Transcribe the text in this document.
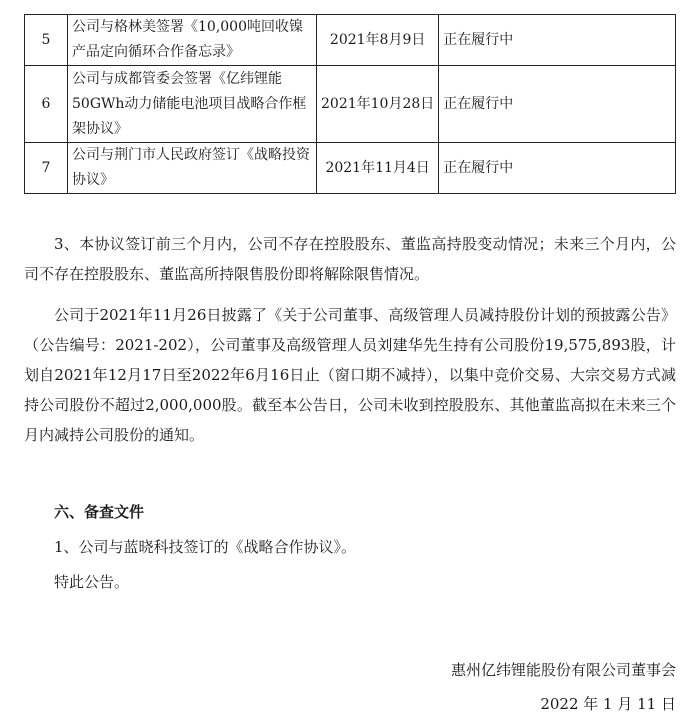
5	公司与格林美签署《10,000吨回收镍产品定向循环合作备忘录》	2021年8月9日	正在履行中
6	公司与成都管委会签署《亿纬锂能50GWh动力储能电池项目战略合作框架协议》	2021年10月28日	正在履行中
7	公司与荆门市人民政府签订《战略投资协议》	2021年11月4日	正在履行中

3、本协议签订前三个月内，公司不存在控股股东、董监高持股变动情况；未来三个月内，公司不存在控股股东、董监高所持限售股份即将解除限售情况。

公司于2021年11月26日披露了《关于公司董事、高级管理人员减持股份计划的预披露公告》（公告编号：2021-202），公司董事及高级管理人员刘建华先生持有公司股份19,575,893股，计划自2021年12月17日至2022年6月16日止（窗口期不减持），以集中竞价交易、大宗交易方式减持公司股份不超过2,000,000股。截至本公告日，公司未收到控股股东、其他董监高拟在未来三个月内减持公司股份的通知。

六、备查文件

1、公司与蓝晓科技签订的《战略合作协议》。

特此公告。

惠州亿纬锂能股份有限公司董事会

2022 年 1 月 11 日
